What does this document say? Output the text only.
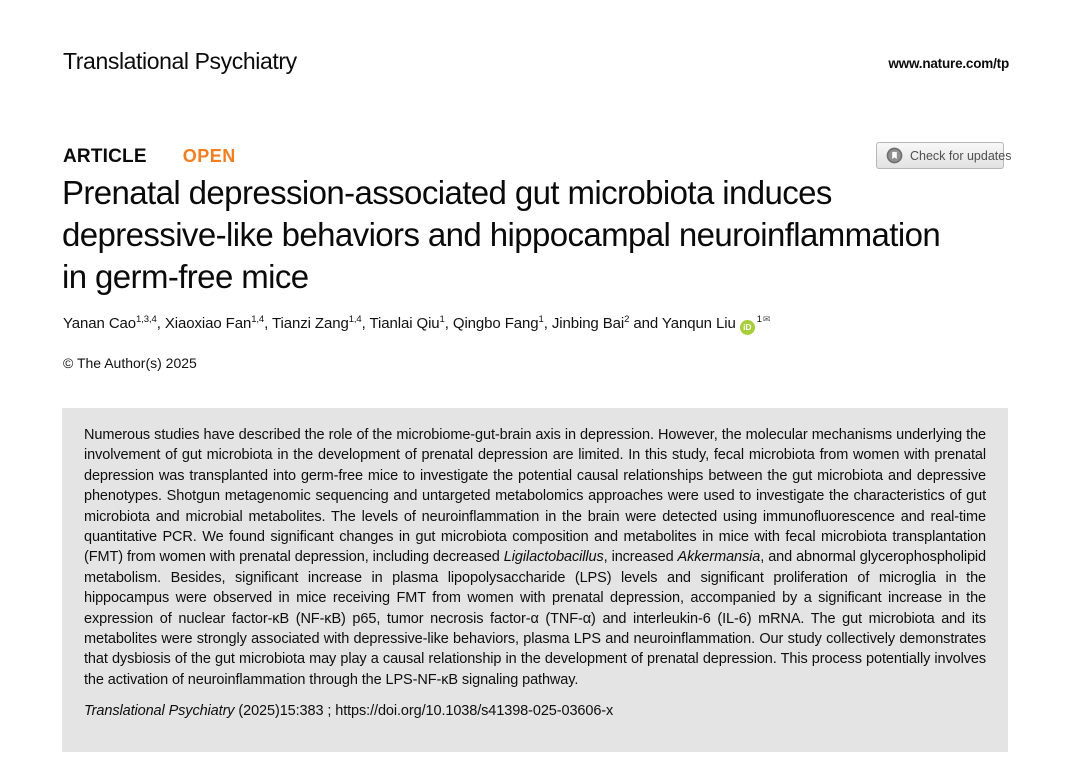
Translational Psychiatry	www.nature.com/tp
ARTICLE OPEN	Check for updates
Prenatal depression-associated gut microbiota induces
depressive-like behaviors and hippocampal neuroinflammation
in germ-free mice
Yanan Cao$^{1,3,4}$, Xiaoxiao Fan$^{1,4}$, Tianzi Zang$^{1,4}$, Tianlai Qiu$^1$, Qingbo Fang$^1$, Jinbing Bai$^2$ and Yanqun Liu $iD^{1✉}$
© The Author(s) 2025

Numerous studies have described the role of the microbiome-gut-brain axis in depression. However, the molecular mechanisms underlying the involvement of gut microbiota in the development of prenatal depression are limited. In this study, fecal microbiota from women with prenatal depression was transplanted into germ-free mice to investigate the potential causal relationships between the gut microbiota and depressive phenotypes. Shotgun metagenomic sequencing and untargeted metabolomics approaches were used to investigate the characteristics of gut microbiota and microbial metabolites. The levels of neuroinflammation in the brain were detected using immunofluorescence and real-time quantitative PCR. We found significant changes in gut microbiota composition and metabolites in mice with fecal microbiota transplantation (FMT) from women with prenatal depression, including decreased Ligilactobacillus, increased Akkermansia, and abnormal glycerophospholipid metabolism. Besides, significant increase in plasma lipopolysaccharide (LPS) levels and significant proliferation of microglia in the hippocampus were observed in mice receiving FMT from women with prenatal depression, accompanied by a significant increase in the expression of nuclear factor-κB (NF-κB) p65, tumor necrosis factor-α (TNF-α) and interleukin-6 (IL-6) mRNA. The gut microbiota and its metabolites were strongly associated with depressive-like behaviors, plasma LPS and neuroinflammation. Our study collectively demonstrates that dysbiosis of the gut microbiota may play a causal relationship in the development of prenatal depression. This process potentially involves the activation of neuroinflammation through the LPS-NF-κB signaling pathway.

Translational Psychiatry (2025)15:383 ; https://doi.org/10.1038/s41398-025-03606-x
